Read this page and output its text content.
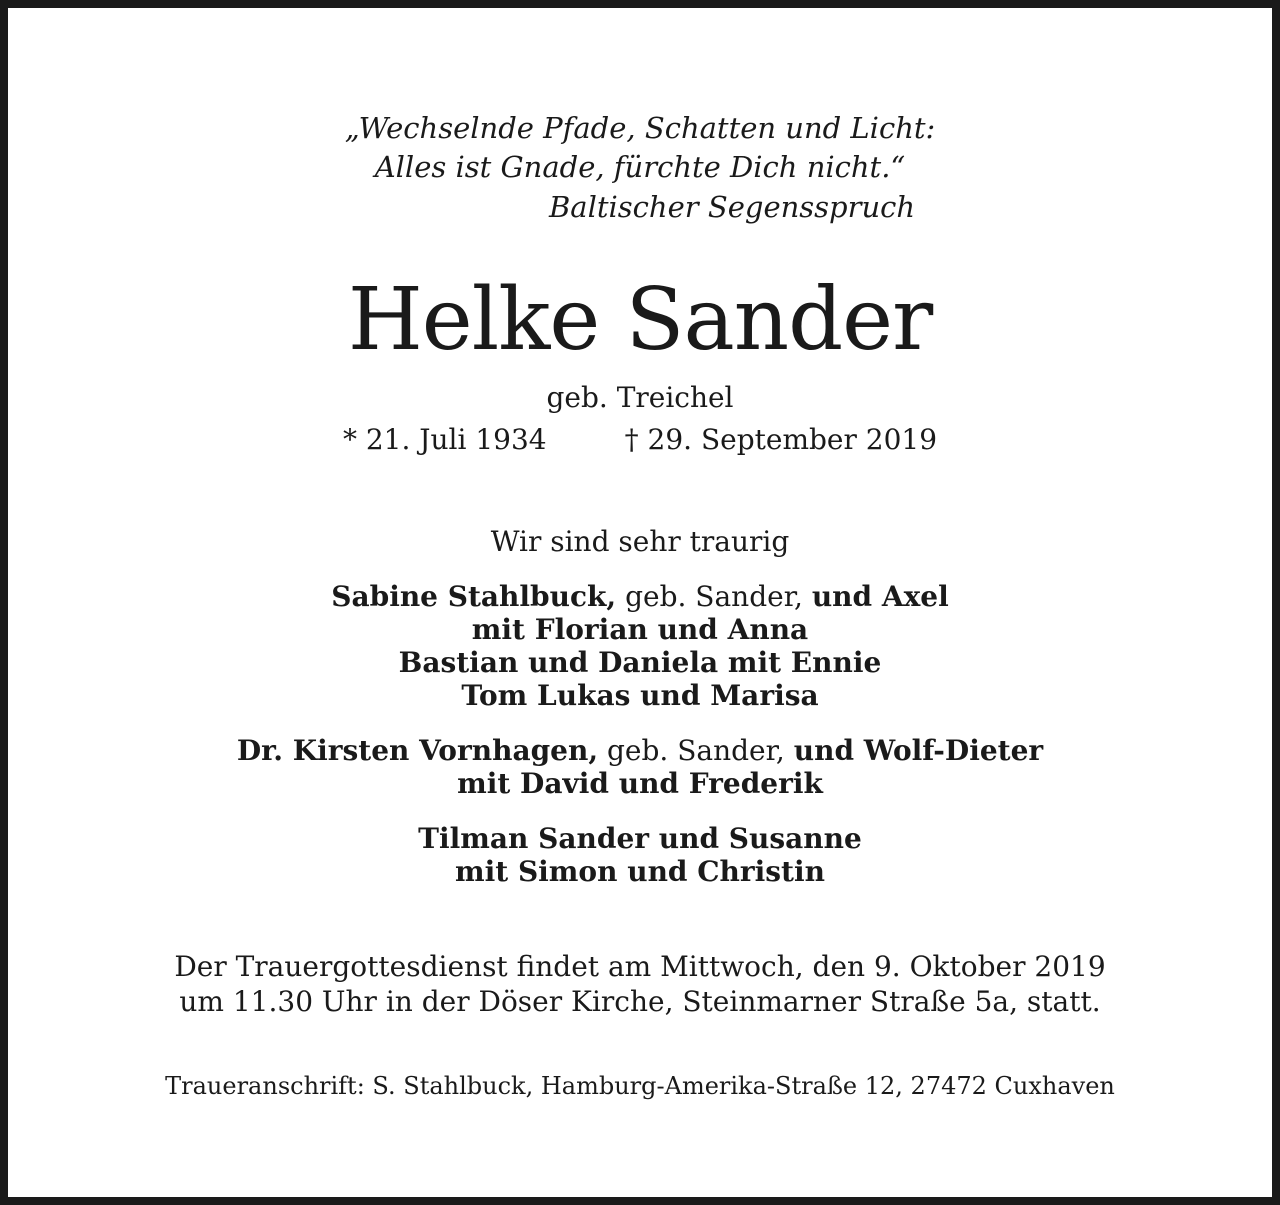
„Wechselnde Pfade, Schatten und Licht:
Alles ist Gnade, fürchte Dich nicht.“
Baltischer Segensspruch
Helke Sander
geb. Treichel
* 21. Juli 1934	† 29. September 2019
Wir sind sehr traurig
Sabine Stahlbuck, geb. Sander, und Axel
mit Florian und Anna
Bastian und Daniela mit Ennie
Tom Lukas und Marisa
Dr. Kirsten Vornhagen, geb. Sander, und Wolf-Dieter
mit David und Frederik
Tilman Sander und Susanne
mit Simon und Christin
Der Trauergottesdienst findet am Mittwoch, den 9. Oktober 2019
um 11.30 Uhr in der Döser Kirche, Steinmarner Straße 5a, statt.
Traueranschrift: S. Stahlbuck, Hamburg-Amerika-Straße 12, 27472 Cuxhaven
